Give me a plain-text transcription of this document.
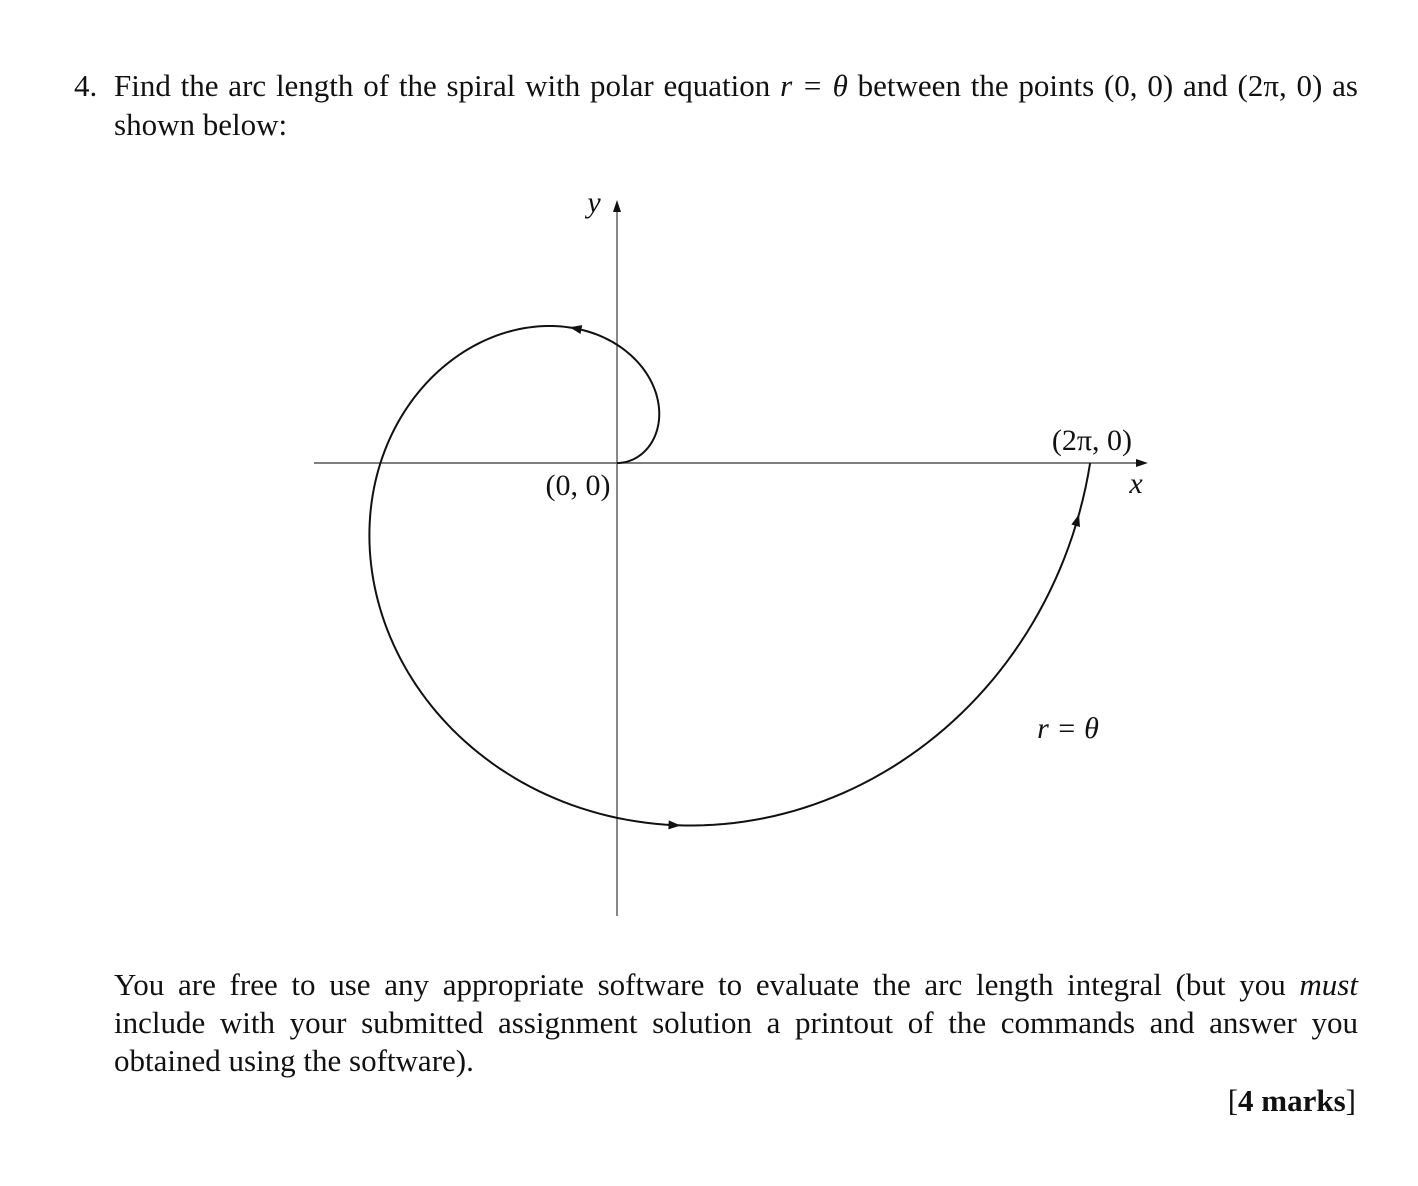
4. Find the arc length of the spiral with polar equation r = θ between the points (0, 0) and (2π, 0) as shown below:
y
x
(0, 0)
(2π, 0)
r = θ
You are free to use any appropriate software to evaluate the arc length integral (but you must include with your submitted assignment solution a printout of the commands and answer you obtained using the software).
[4 marks]
